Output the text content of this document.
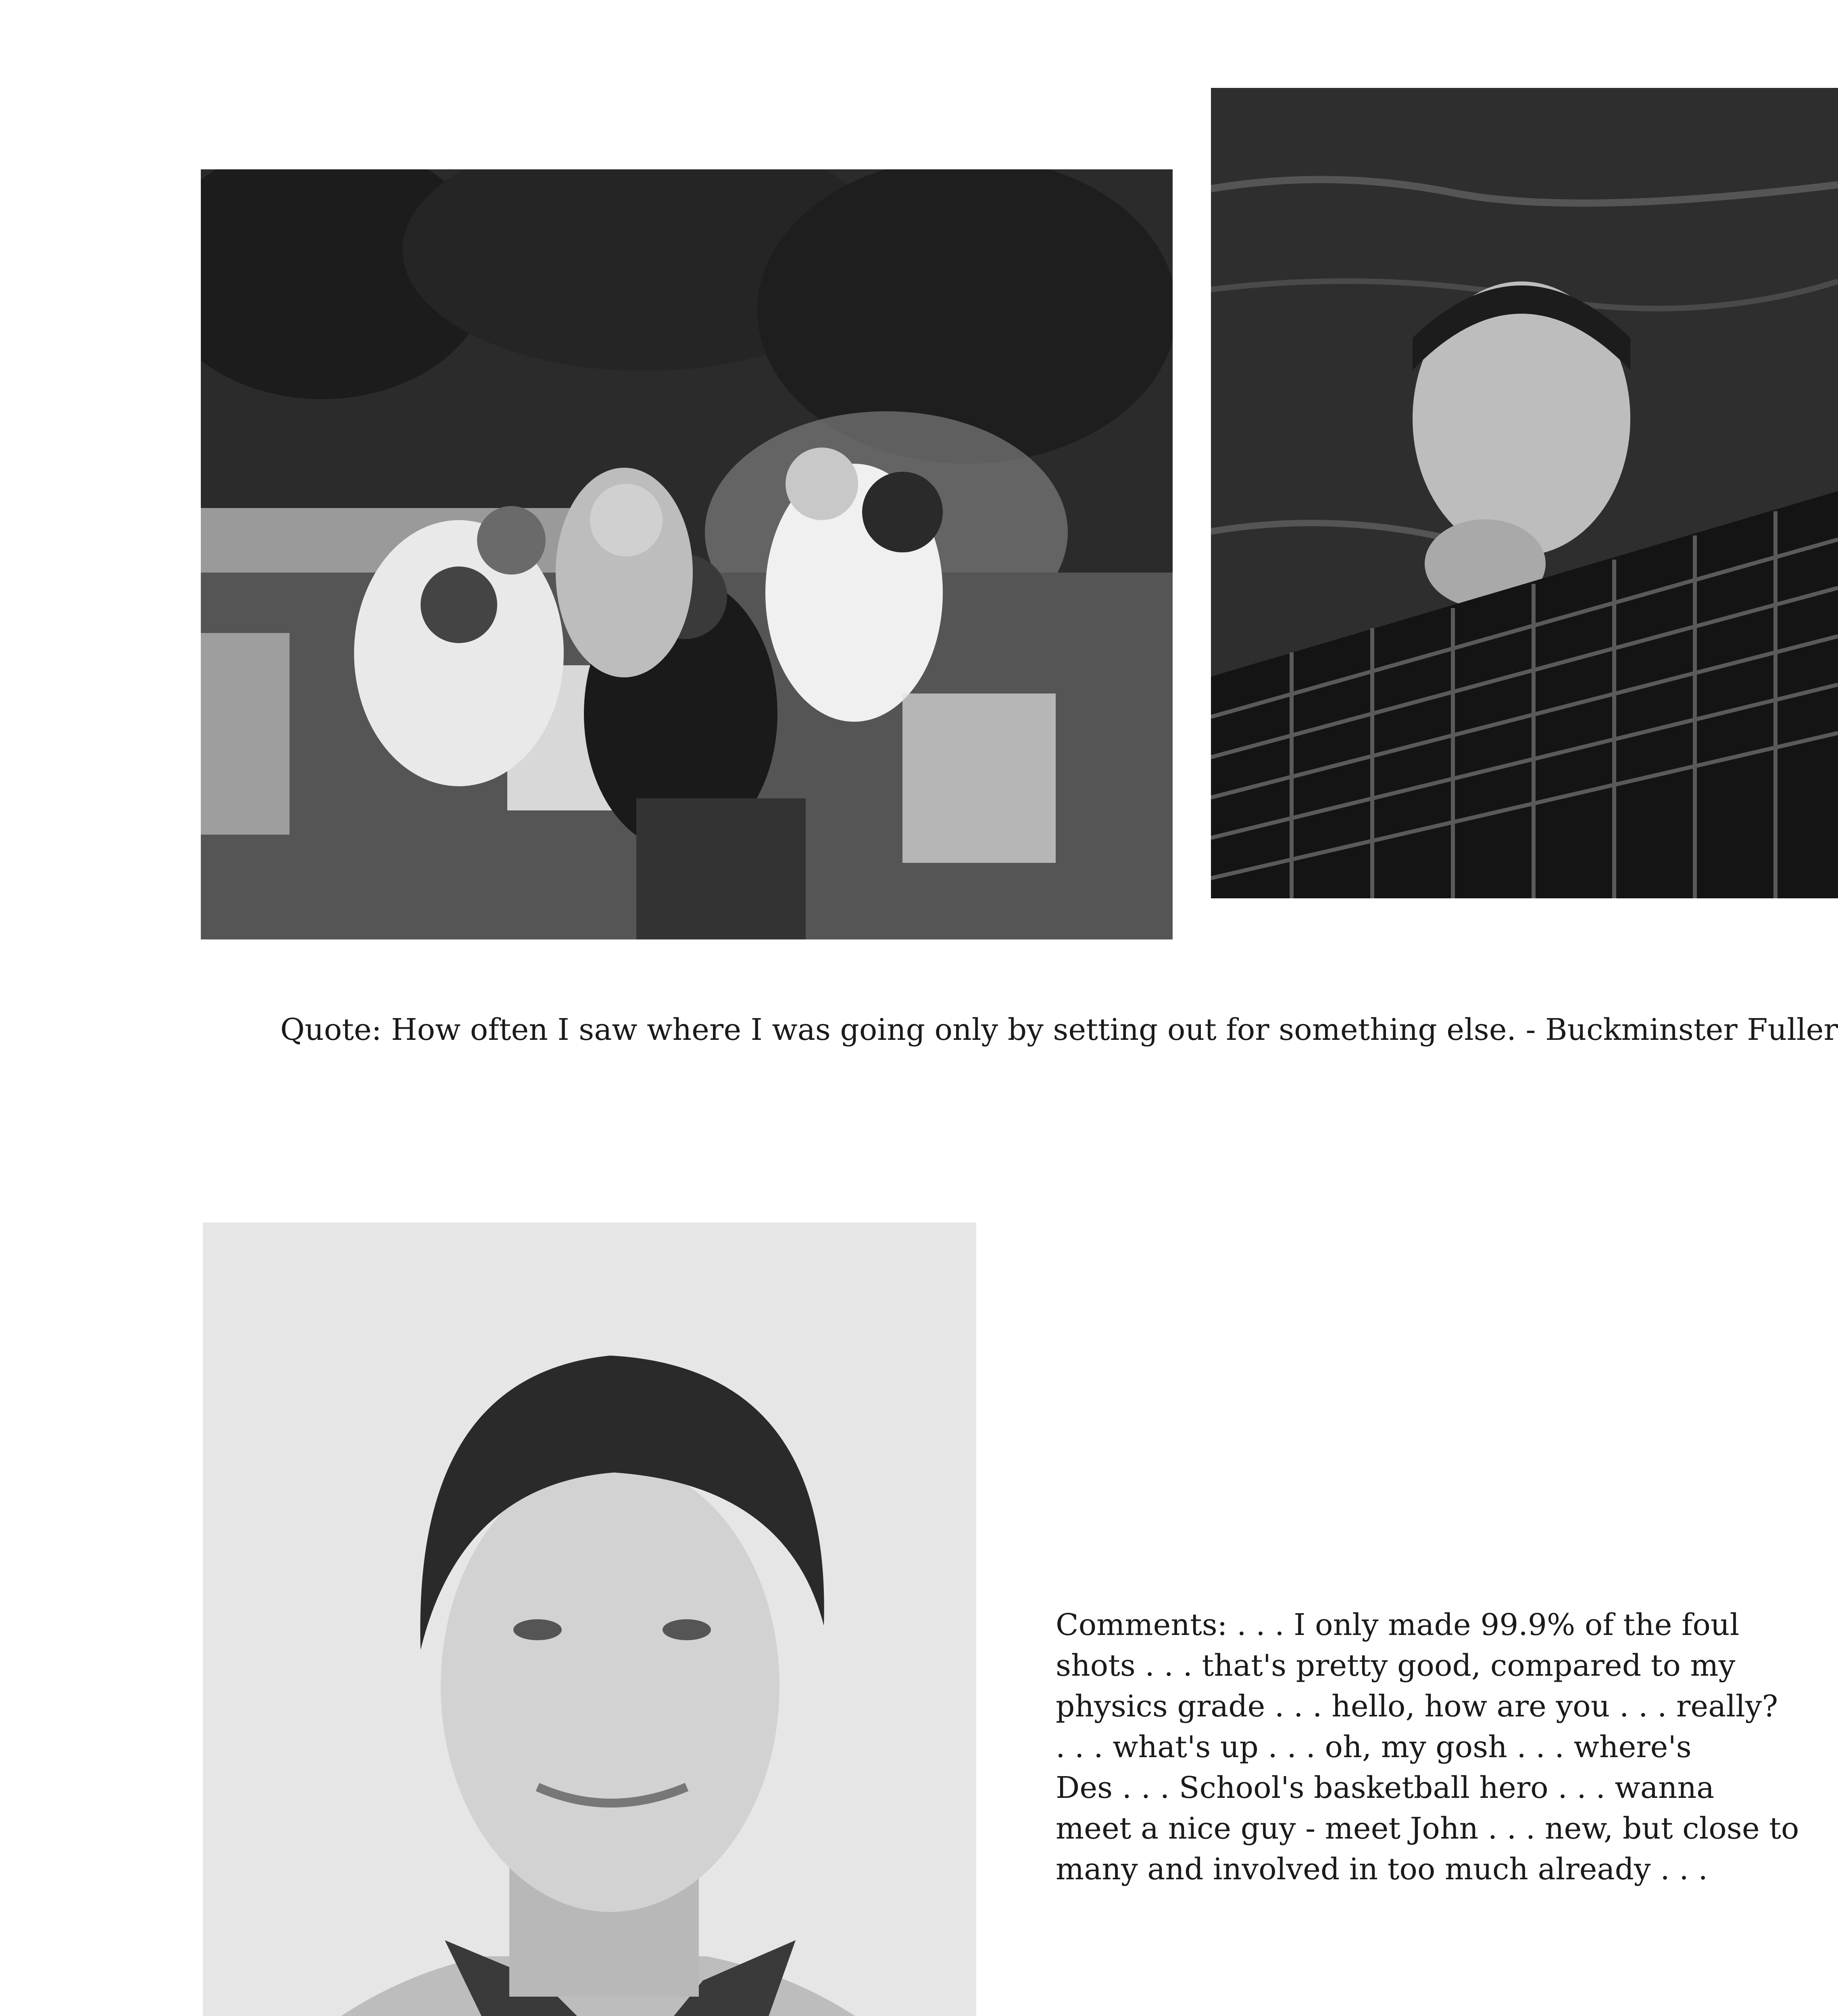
Quote: How often I saw where I was going only by setting out for something else. - Buckminster Fuller

Comments: . . . I only made 99.9% of the foul

shots . . . that's pretty good, compared to my

physics grade . . . hello, how are you . . . really?

. . . what's up . . . oh, my gosh . . . where's

Des . . . School's basketball hero . . . wanna

meet a nice guy - meet John . . . new, but close to

many and involved in too much already . . .
